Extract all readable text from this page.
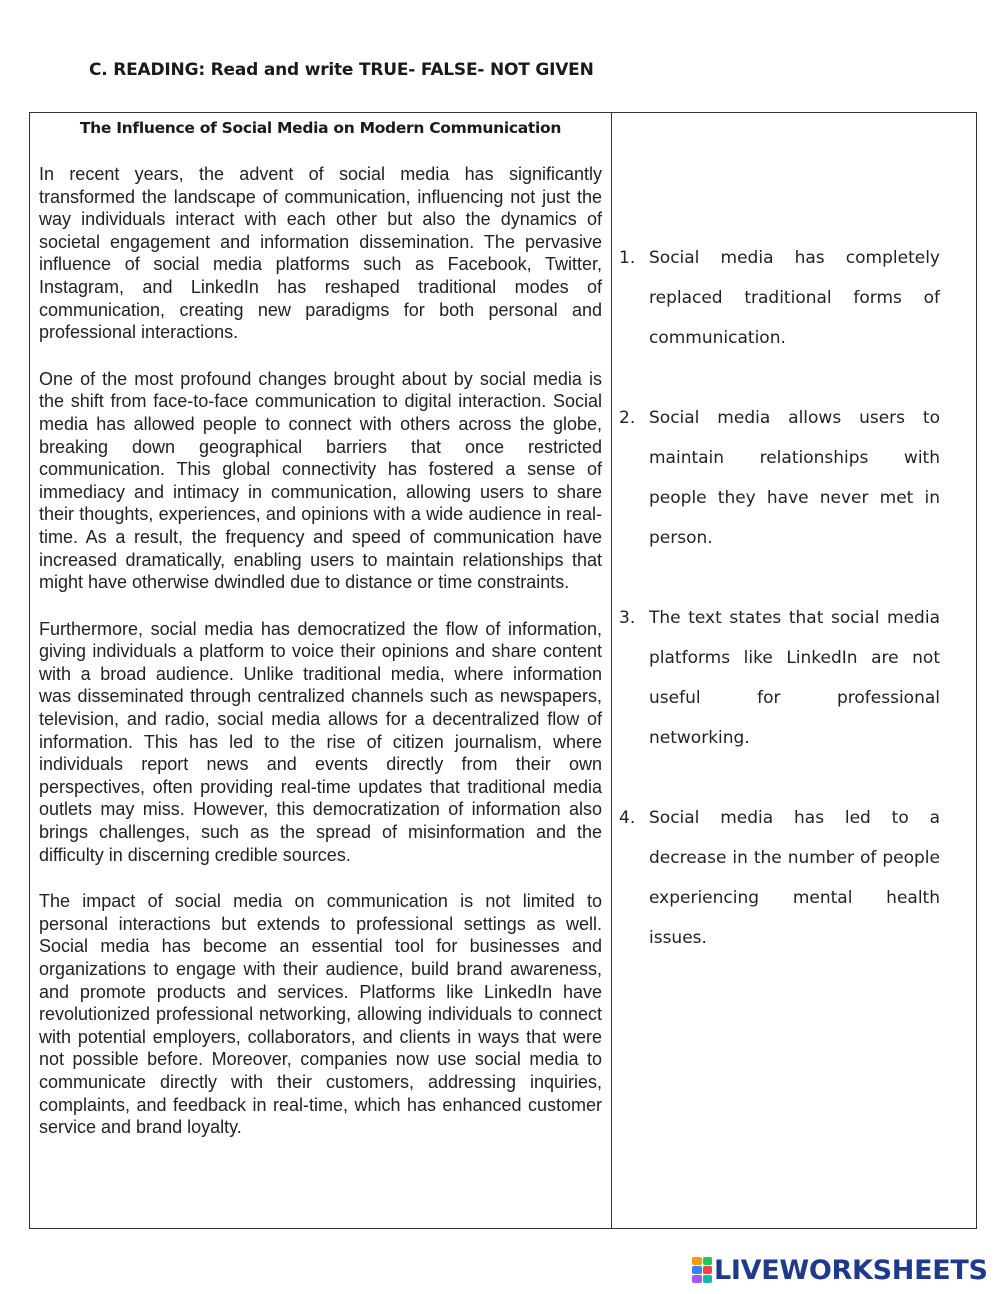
C. READING: Read and write TRUE- FALSE- NOT GIVEN
The Influence of Social Media on Modern Communication

In recent years, the advent of social media has significantly transformed the landscape of communication, influencing not just the way individuals interact with each other but also the dynamics of societal engagement and information dissemination. The pervasive influence of social media platforms such as Facebook, Twitter, Instagram, and LinkedIn has reshaped traditional modes of communication, creating new paradigms for both personal and professional interactions.

One of the most profound changes brought about by social media is the shift from face-to-face communication to digital interaction. Social media has allowed people to connect with others across the globe, breaking down geographical barriers that once restricted communication. This global connectivity has fostered a sense of immediacy and intimacy in communication, allowing users to share their thoughts, experiences, and opinions with a wide audience in real-time. As a result, the frequency and speed of communication have increased dramatically, enabling users to maintain relationships that might have otherwise dwindled due to distance or time constraints.

Furthermore, social media has democratized the flow of information, giving individuals a platform to voice their opinions and share content with a broad audience. Unlike traditional media, where information was disseminated through centralized channels such as newspapers, television, and radio, social media allows for a decentralized flow of information. This has led to the rise of citizen journalism, where individuals report news and events directly from their own perspectives, often providing real-time updates that traditional media outlets may miss. However, this democratization of information also brings challenges, such as the spread of misinformation and the difficulty in discerning credible sources.

The impact of social media on communication is not limited to personal interactions but extends to professional settings as well. Social media has become an essential tool for businesses and organizations to engage with their audience, build brand awareness, and promote products and services. Platforms like LinkedIn have revolutionized professional networking, allowing individuals to connect with potential employers, collaborators, and clients in ways that were not possible before. Moreover, companies now use social media to communicate directly with their customers, addressing inquiries, complaints, and feedback in real-time, which has enhanced customer service and brand loyalty.

1. Social media has completely replaced traditional forms of communication.
2. Social media allows users to maintain relationships with people they have never met in person.
3. The text states that social media platforms like LinkedIn are not useful for professional networking.
4. Social media has led to a decrease in the number of people experiencing mental health issues.
LIVEWORKSHEETS
